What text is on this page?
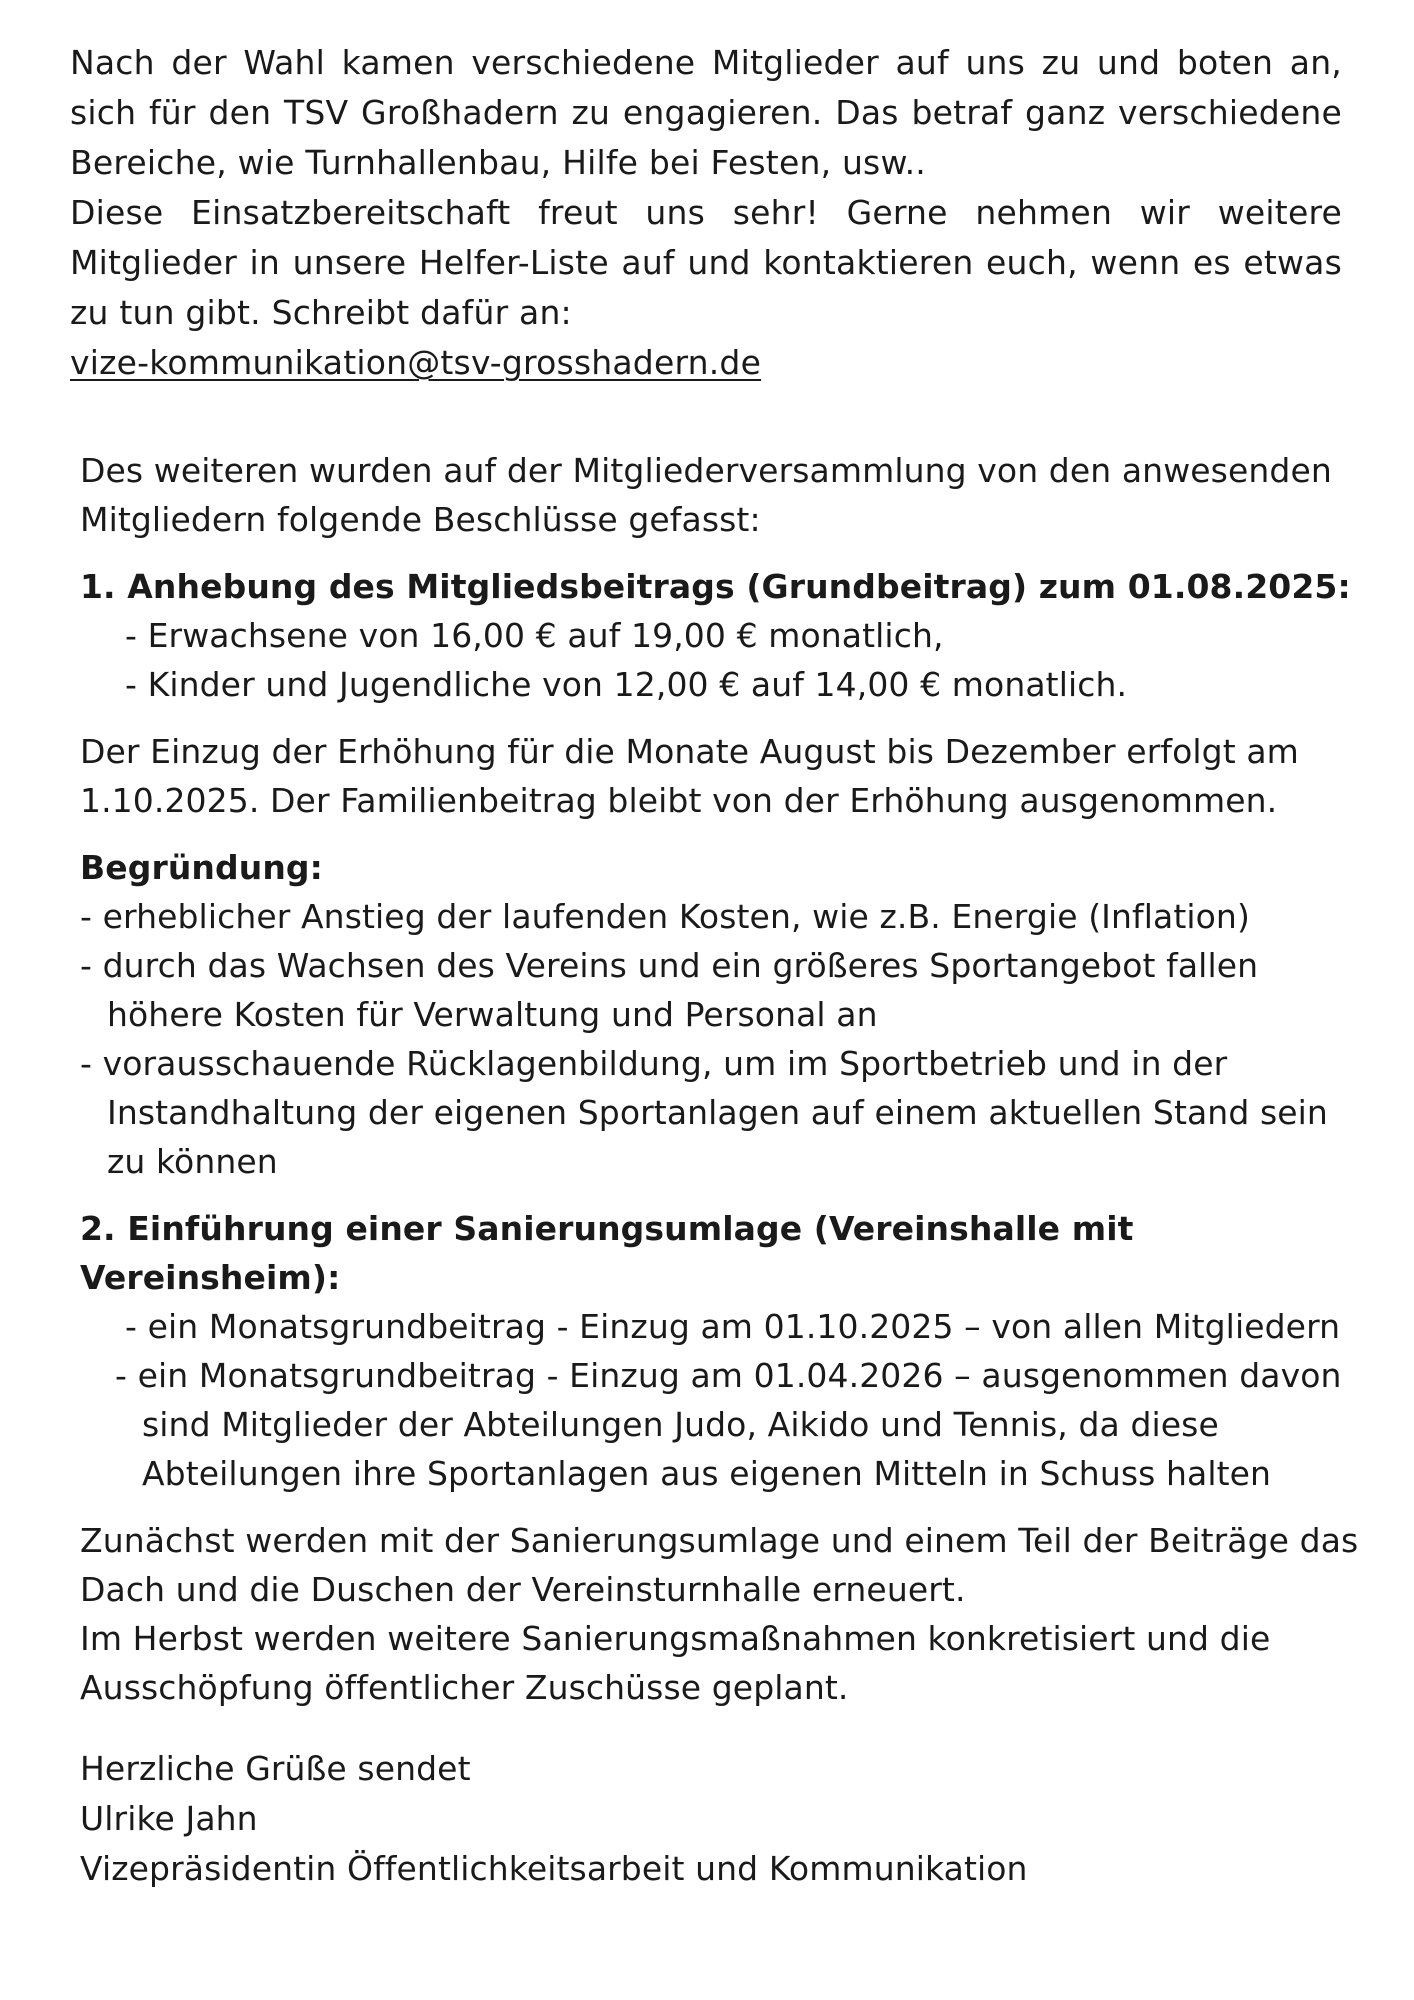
Nach der Wahl kamen verschiedene Mitglieder auf uns zu und boten an, sich für den TSV Großhadern zu engagieren. Das betraf ganz verschiedene Bereiche, wie Turnhallenbau, Hilfe bei Festen, usw..

Diese Einsatzbereitschaft freut uns sehr! Gerne nehmen wir weitere Mitglieder in unsere Helfer-Liste auf und kontaktieren euch, wenn es etwas zu tun gibt. Schreibt dafür an:

vize-kommunikation@tsv-grosshadern.de

Des weiteren wurden auf der Mitgliederversammlung von den anwesenden Mitgliedern folgende Beschlüsse gefasst:

1. Anhebung des Mitgliedsbeitrags (Grundbeitrag) zum 01.08.2025:

- Erwachsene von 16,00 € auf 19,00 € monatlich,

- Kinder und Jugendliche von 12,00 € auf 14,00 € monatlich.

Der Einzug der Erhöhung für die Monate August bis Dezember erfolgt am 1.10.2025. Der Familienbeitrag bleibt von der Erhöhung ausgenommen.

Begründung:

- erheblicher Anstieg der laufenden Kosten, wie z.B. Energie (Inflation)

- durch das Wachsen des Vereins und ein größeres Sportangebot fallen höhere Kosten für Verwaltung und Personal an

- vorausschauende Rücklagenbildung, um im Sportbetrieb und in der Instandhaltung der eigenen Sportanlagen auf einem aktuellen Stand sein zu können

2. Einführung einer Sanierungsumlage (Vereinshalle mit Vereinsheim):

- ein Monatsgrundbeitrag - Einzug am 01.10.2025 – von allen Mitgliedern

- ein Monatsgrundbeitrag - Einzug am 01.04.2026 – ausgenommen davon sind Mitglieder der Abteilungen Judo, Aikido und Tennis, da diese Abteilungen ihre Sportanlagen aus eigenen Mitteln in Schuss halten

Zunächst werden mit der Sanierungsumlage und einem Teil der Beiträge das Dach und die Duschen der Vereinsturnhalle erneuert.

Im Herbst werden weitere Sanierungsmaßnahmen konkretisiert und die Ausschöpfung öffentlicher Zuschüsse geplant.

Herzliche Grüße sendet

Ulrike Jahn

Vizepräsidentin Öffentlichkeitsarbeit und Kommunikation
